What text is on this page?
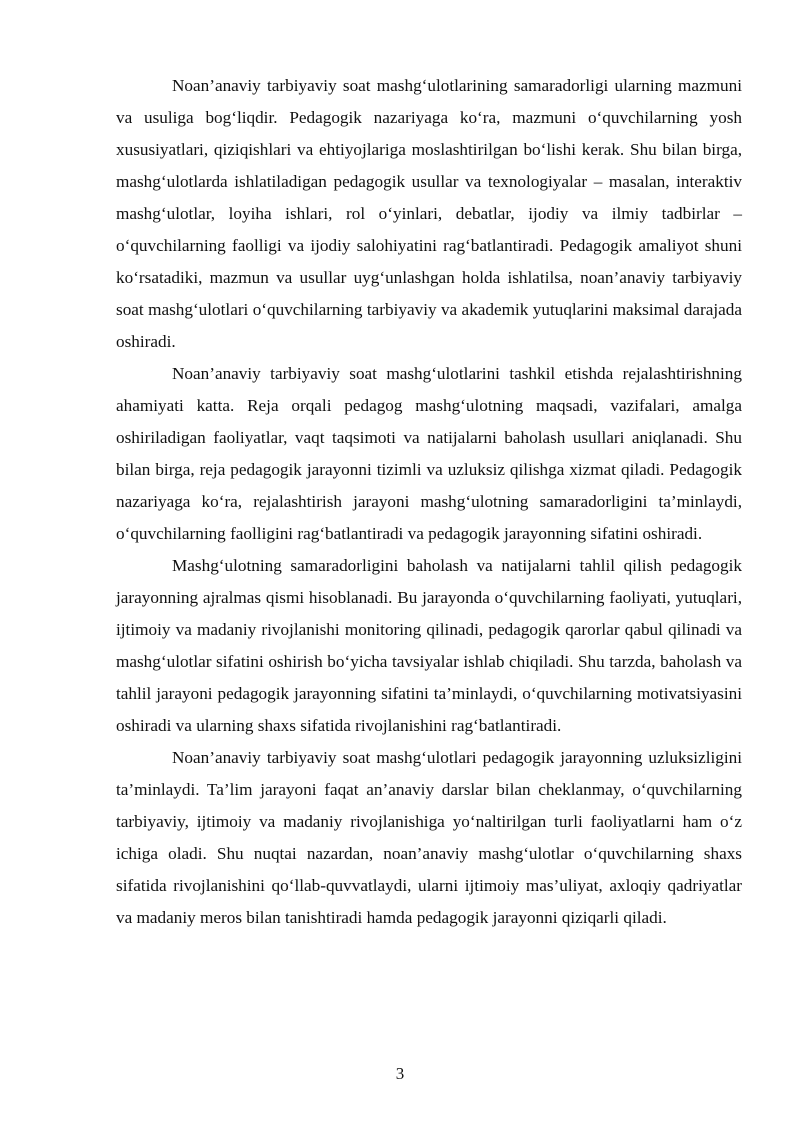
Noan’anaviy tarbiyaviy soat mashg‘ulotlarining samaradorligi ularning mazmuni va usuliga bog‘liqdir. Pedagogik nazariyaga ko‘ra, mazmuni o‘quvchilarning yosh xususiyatlari, qiziqishlari va ehtiyojlariga moslashtirilgan bo‘lishi kerak. Shu bilan birga, mashg‘ulotlarda ishlatiladigan pedagogik usullar va texnologiyalar – masalan, interaktiv mashg‘ulotlar, loyiha ishlari, rol o‘yinlari, debatlar, ijodiy va ilmiy tadbirlar – o‘quvchilarning faolligi va ijodiy salohiyatini rag‘batlantiradi. Pedagogik amaliyot shuni ko‘rsatadiki, mazmun va usullar uyg‘unlashgan holda ishlatilsa, noan’anaviy tarbiyaviy soat mashg‘ulotlari o‘quvchilarning tarbiyaviy va akademik yutuqlarini maksimal darajada oshiradi.

Noan’anaviy tarbiyaviy soat mashg‘ulotlarini tashkil etishda rejalashtirishning ahamiyati katta. Reja orqali pedagog mashg‘ulotning maqsadi, vazifalari, amalga oshiriladigan faoliyatlar, vaqt taqsimoti va natijalarni baholash usullari aniqlanadi. Shu bilan birga, reja pedagogik jarayonni tizimli va uzluksiz qilishga xizmat qiladi. Pedagogik nazariyaga ko‘ra, rejalashtirish jarayoni mashg‘ulotning samaradorligini ta’minlaydi, o‘quvchilarning faolligini rag‘batlantiradi va pedagogik jarayonning sifatini oshiradi.

Mashg‘ulotning samaradorligini baholash va natijalarni tahlil qilish pedagogik jarayonning ajralmas qismi hisoblanadi. Bu jarayonda o‘quvchilarning faoliyati, yutuqlari, ijtimoiy va madaniy rivojlanishi monitoring qilinadi, pedagogik qarorlar qabul qilinadi va mashg‘ulotlar sifatini oshirish bo‘yicha tavsiyalar ishlab chiqiladi. Shu tarzda, baholash va tahlil jarayoni pedagogik jarayonning sifatini ta’minlaydi, o‘quvchilarning motivatsiyasini oshiradi va ularning shaxs sifatida rivojlanishini rag‘batlantiradi.

Noan’anaviy tarbiyaviy soat mashg‘ulotlari pedagogik jarayonning uzluksizligini ta’minlaydi. Ta’lim jarayoni faqat an’anaviy darslar bilan cheklanmay, o‘quvchilarning tarbiyaviy, ijtimoiy va madaniy rivojlanishiga yo‘naltirilgan turli faoliyatlarni ham o‘z ichiga oladi. Shu nuqtai nazardan, noan’anaviy mashg‘ulotlar o‘quvchilarning shaxs sifatida rivojlanishini qo‘llab-quvvatlaydi, ularni ijtimoiy mas’uliyat, axloqiy qadriyatlar va madaniy meros bilan tanishtiradi hamda pedagogik jarayonni qiziqarli qiladi.

3
